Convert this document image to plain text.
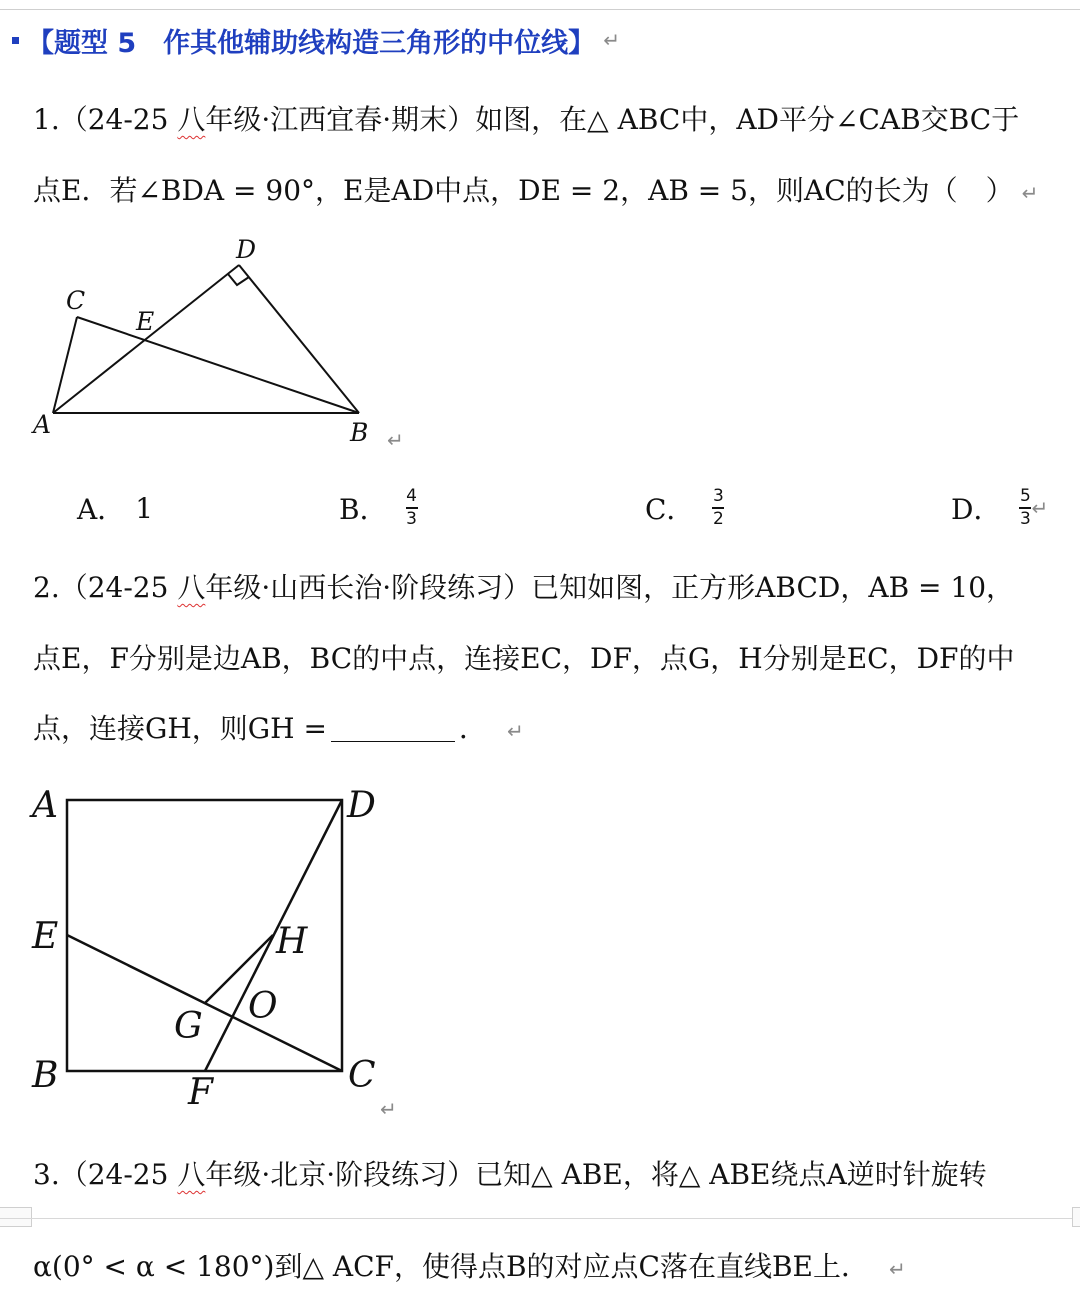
【题型 5　作其他辅助线构造三角形的中位线】 ↵
1.（24-25 八年级·江西宜春·期末）如图，在△ ABC中，AD平分∠CAB交BC于
点E．若∠BDA = 90°，E是AD中点，DE = 2，AB = 5，则AC的长为（　） ↵
A	B
C
D
E
↵
A． 1	B． $\frac{4}{3}$	C． $\frac{3}{2}$	D． $\frac{5}{3}$ ↵
2.（24-25 八年级·山西长治·阶段练习）已知如图，正方形ABCD，AB = 10，
点E，F分别是边AB，BC的中点，连接EC，DF，点G，H分别是EC，DF的中
点，连接GH，则GH =	． ↵
A	D
E	H
O
G
B	C
F	↵
3.（24-25 八年级·北京·阶段练习）已知△ ABE，将△ ABE绕点A逆时针旋转
α(0° < α < 180°)到△ ACF，使得点B的对应点C落在直线BE上． ↵
